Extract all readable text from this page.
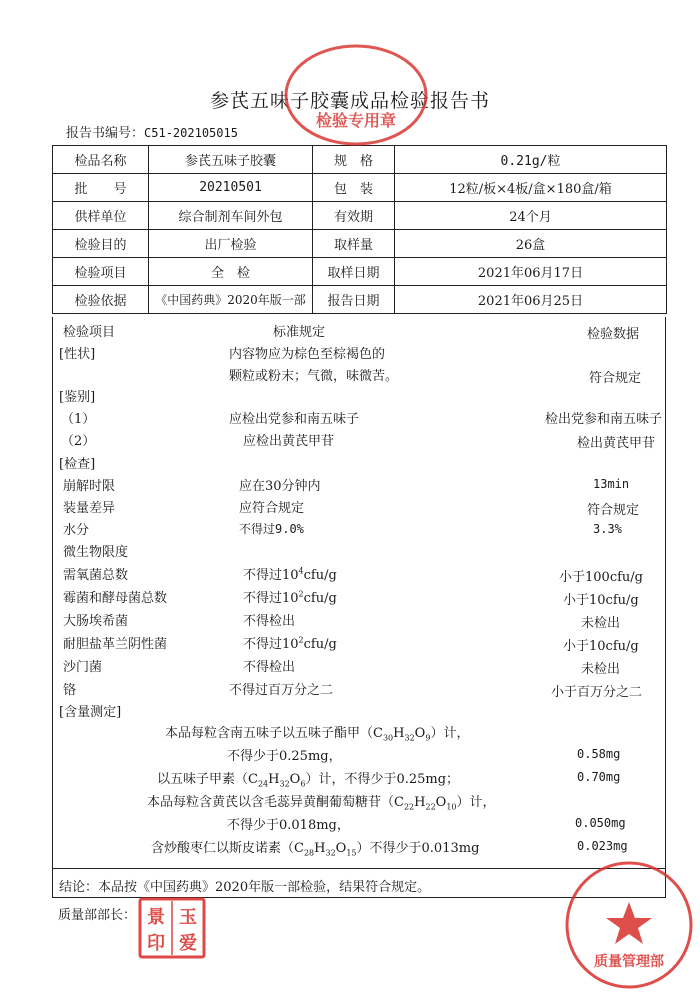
参芪五味子胶囊成品检验报告书
报告书编号：C51-202105015
检品名称	参芪五味子胶囊	规　格	0.21g/粒
批　　号	20210501	包　装	12粒/板×4板/盒×180盒/箱
供样单位	综合制剂车间外包	有效期	24个月
检验目的	出厂检验	取样量	26盒
检验项目	全　检	取样日期	2021年06月17日
检验依据	《中国药典》2020年版一部	报告日期	2021年06月25日
检验项目	标准规定	检验数据
[性状]	内容物应为棕色至棕褐色的
颗粒或粉末；气微，味微苦。	符合规定
[鉴别]
（1）	应检出党参和南五味子	检出党参和南五味子
（2）	应检出黄芪甲苷	检出黄芪甲苷
[检查]
崩解时限	应在30分钟内	13min
装量差异	应符合规定	符合规定
水分	不得过9.0%	3.3%
微生物限度
需氧菌总数	不得过$10^4cfu/g$	小于100cfu/g
霉菌和酵母菌总数	不得过$10^2cfu/g$	小于10cfu/g
大肠埃希菌	不得检出	未检出
耐胆盐革兰阴性菌	不得过$10^2cfu/g$	小于10cfu/g
沙门菌	不得检出	未检出
铬	不得过百万分之二	小于百万分之二
[含量测定]
本品每粒含南五味子以五味子酯甲$(C_{30}H_{32}O_9)$计，
不得少于0.25mg，	0.58mg
以五味子甲素$(C_{24}H_{32}O_6)$计，不得少于0.25mg；	0.70mg
本品每粒含黄芪以含毛蕊异黄酮葡萄糖苷$(C_{22}H_{22}O_{10})$计，
不得少于0.018mg，	0.050mg
含炒酸枣仁以斯皮诺素$(C_{28}H_{32}O_{15})$不得少于0.013mg	0.023mg
结论：本品按《中国药典》2020年版一部检验，结果符合规定。
质量部部长：
检验专用章
景 玉
印 爱
质量管理部
